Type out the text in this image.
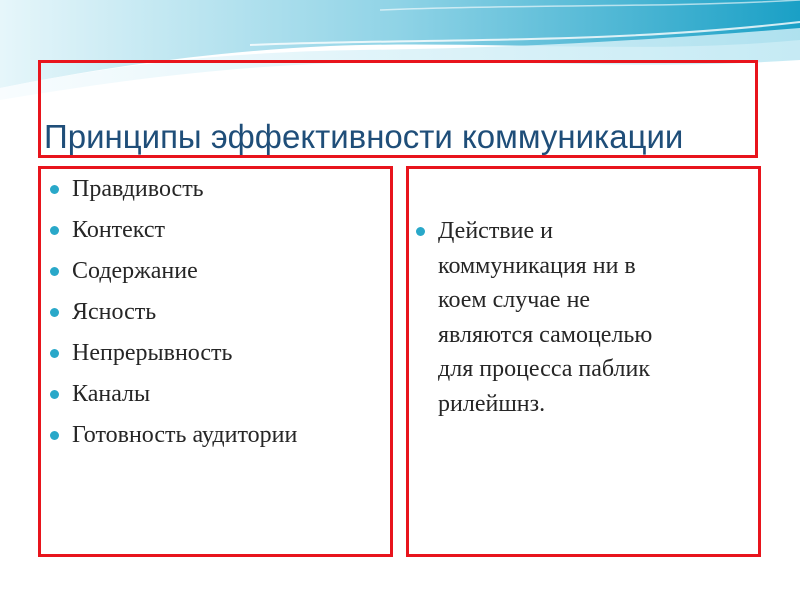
Принципы эффективности коммуникации
Правдивость
Контекст
Содержание
Ясность
Непрерывность
Каналы
Готовность аудитории
Действие и
коммуникация ни в
коем случае не
являются самоцелью
для процесса паблик
рилейшнз.
